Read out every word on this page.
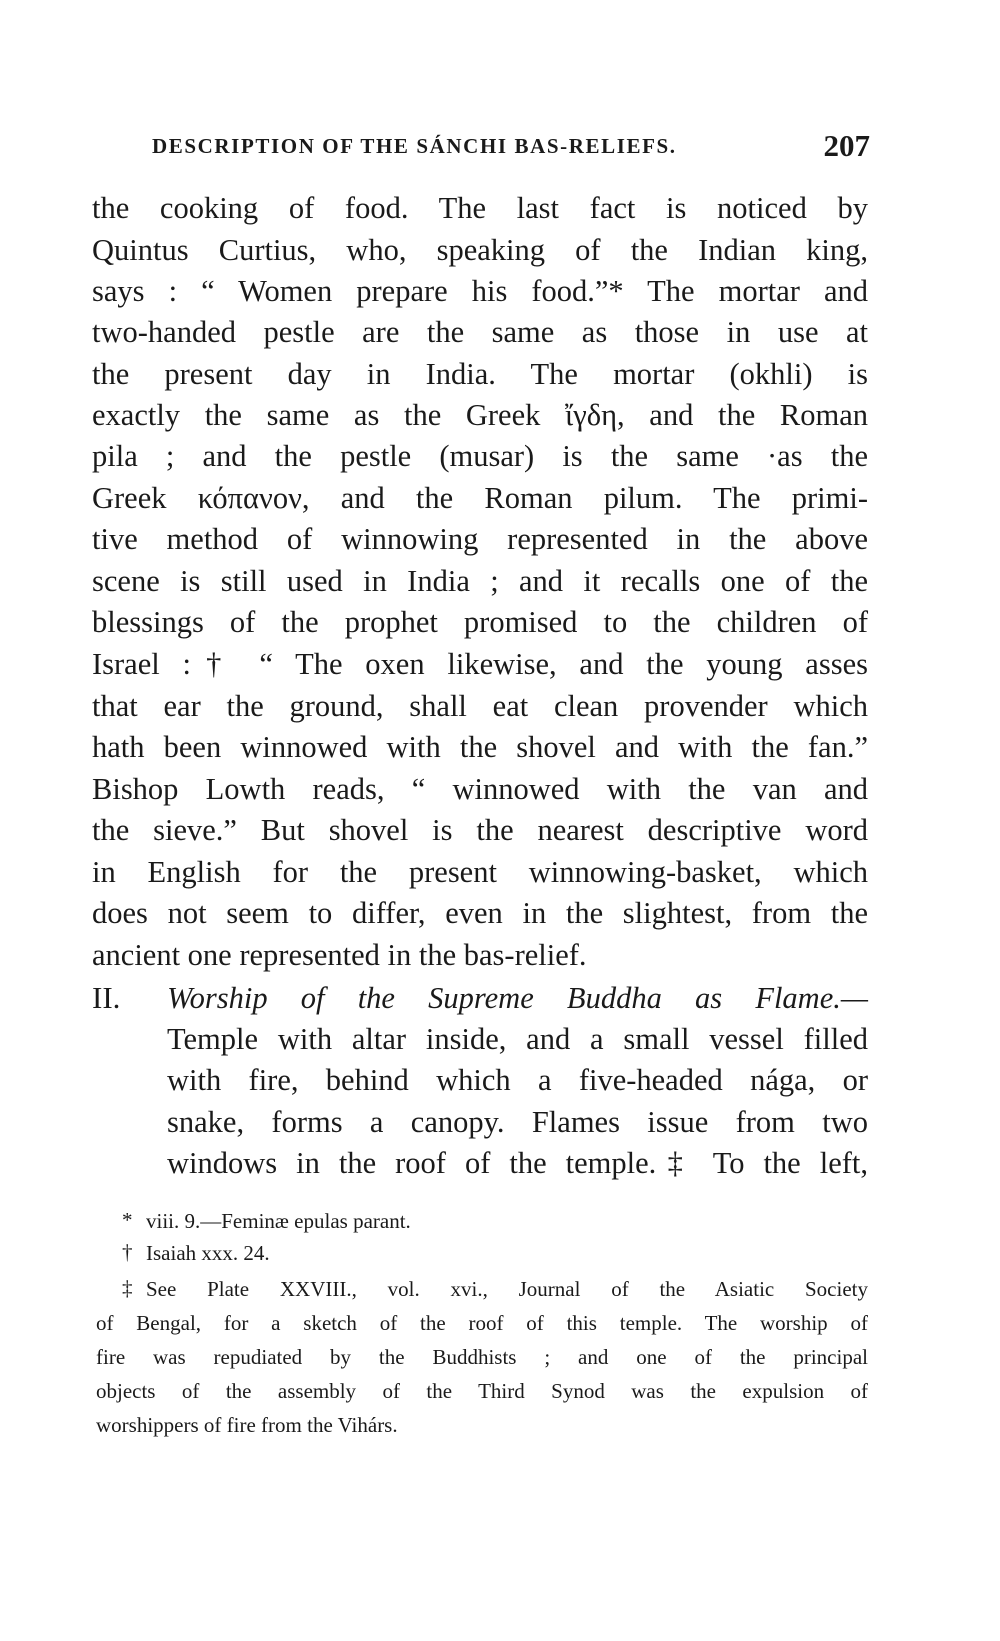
DESCRIPTION OF THE SÁNCHI BAS-RELIEFS.	207
the cooking of food. The last fact is noticed by
Quintus Curtius, who, speaking of the Indian king,
says : “ Women prepare his food.”* The mortar and
two-handed pestle are the same as those in use at
the present day in India. The mortar (okhli) is
exactly the same as the Greek ἴγδη, and the Roman
pila ; and the pestle (musar) is the same ·as the
Greek κόπανον, and the Roman pilum. The primi-
tive method of winnowing represented in the above
scene is still used in India ; and it recalls one of the
blessings of the prophet promised to the children of
Israel :† “ The oxen likewise, and the young asses
that ear the ground, shall eat clean provender which
hath been winnowed with the shovel and with the fan.”
Bishop Lowth reads, “ winnowed with the van and
the sieve.” But shovel is the nearest descriptive word
in English for the present winnowing-basket, which
does not seem to differ, even in the slightest, from the
ancient one represented in the bas-relief.
II. Worship of the Supreme Buddha as Flame.—
Temple with altar inside, and a small vessel filled
with fire, behind which a five-headed nága, or
snake, forms a canopy. Flames issue from two
windows in the roof of the temple.‡ To the left,
* viii. 9.—Feminæ epulas parant.
† Isaiah xxx. 24.
‡ See Plate XXVIII., vol. xvi., Journal of the Asiatic Society
of Bengal, for a sketch of the roof of this temple. The worship of
fire was repudiated by the Buddhists ; and one of the principal
objects of the assembly of the Third Synod was the expulsion of
worshippers of fire from the Vihárs.
